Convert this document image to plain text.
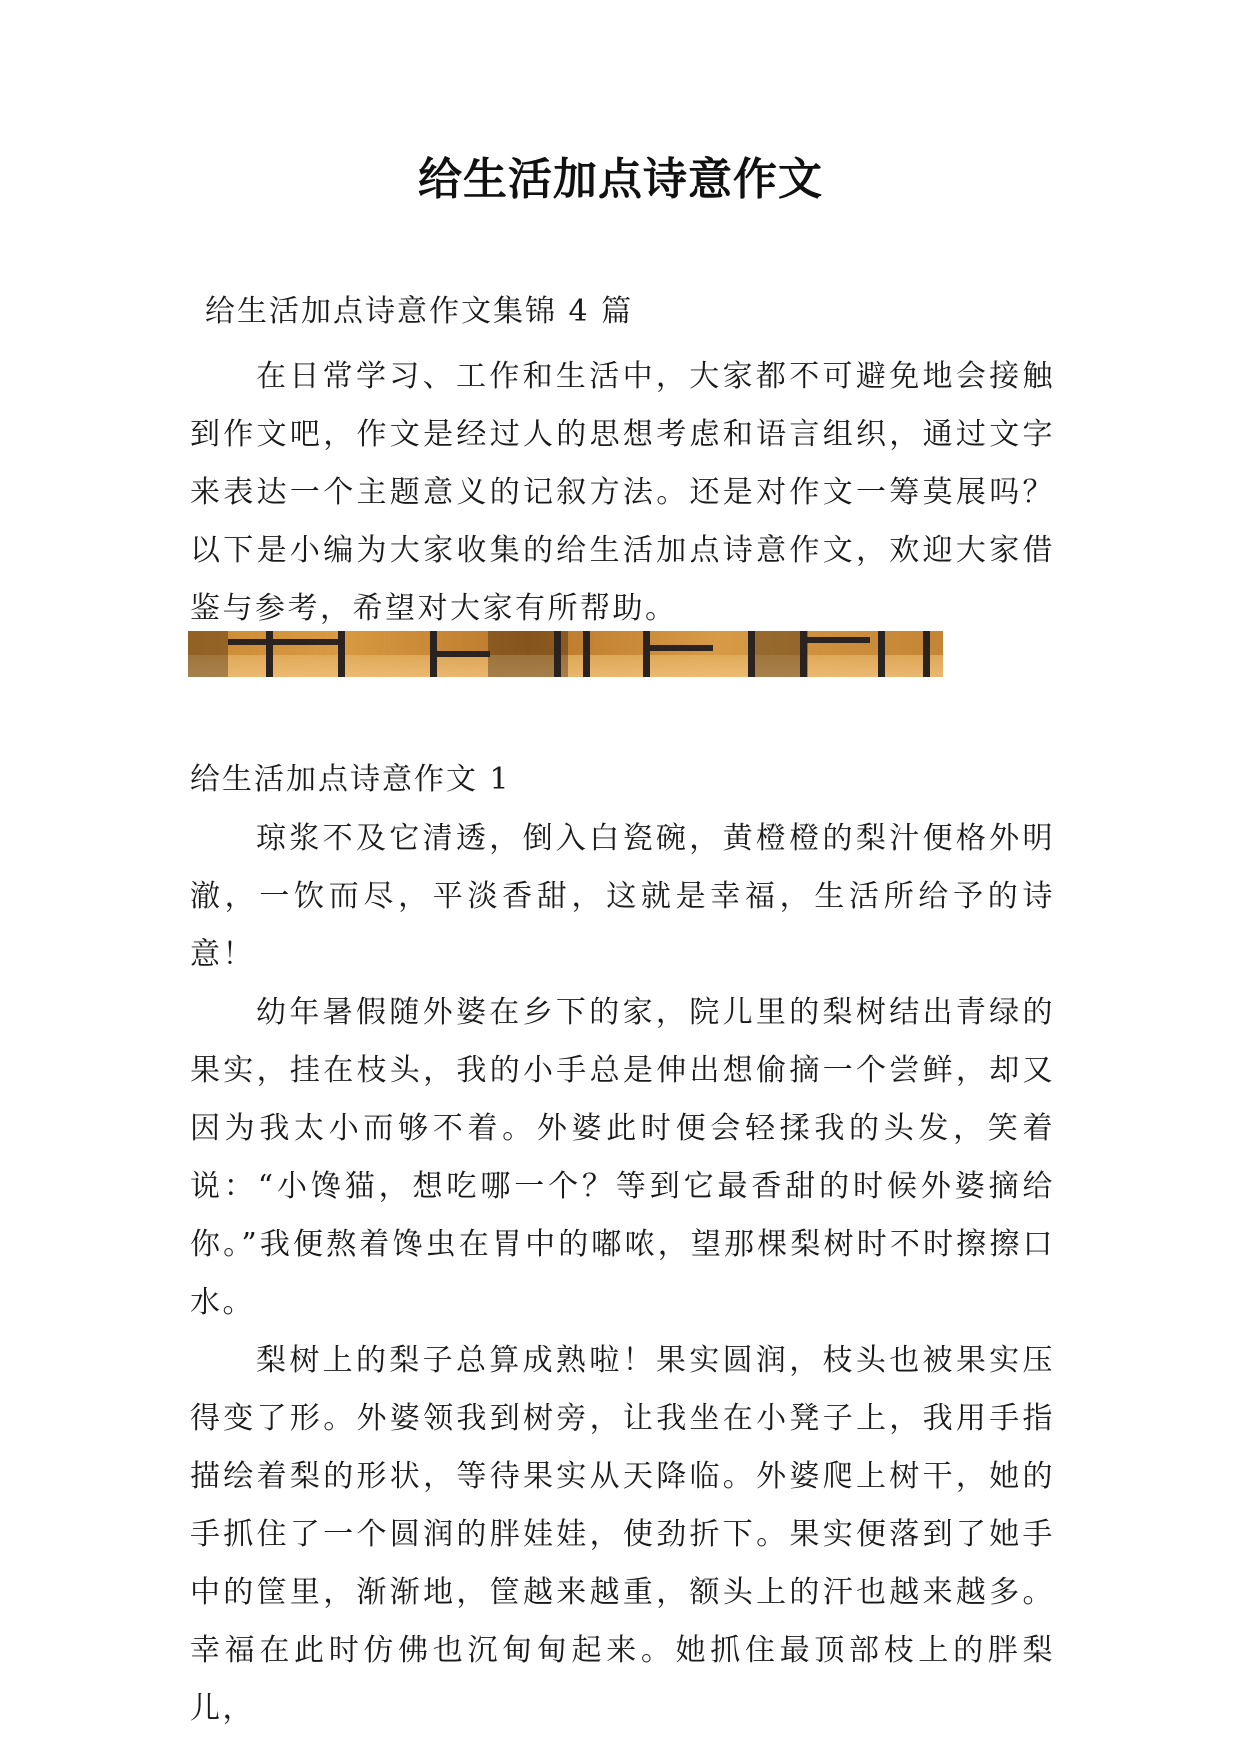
给生活加点诗意作文
给生活加点诗意作文集锦 4 篇

在日常学习、工作和生活中，大家都不可避免地会接触到作文吧，作文是经过人的思想考虑和语言组织，通过文字来表达一个主题意义的记叙方法。还是对作文一筹莫展吗？以下是小编为大家收集的给生活加点诗意作文，欢迎大家借鉴与参考，希望对大家有所帮助。

给生活加点诗意作文 1

琼浆不及它清透，倒入白瓷碗，黄橙橙的梨汁便格外明澈，一饮而尽，平淡香甜，这就是幸福，生活所给予的诗意！

幼年暑假随外婆在乡下的家，院儿里的梨树结出青绿的果实，挂在枝头，我的小手总是伸出想偷摘一个尝鲜，却又因为我太小而够不着。外婆此时便会轻揉我的头发，笑着说：“小馋猫，想吃哪一个？等到它最香甜的时候外婆摘给你。”我便熬着馋虫在胃中的嘟哝，望那棵梨树时不时擦擦口水。

梨树上的梨子总算成熟啦！果实圆润，枝头也被果实压得变了形。外婆领我到树旁，让我坐在小凳子上，我用手指描绘着梨的形状，等待果实从天降临。外婆爬上树干，她的手抓住了一个圆润的胖娃娃，使劲折下。果实便落到了她手中的筐里，渐渐地，筐越来越重，额头上的汗也越来越多。幸福在此时仿佛也沉甸甸起来。她抓住最顶部枝上的胖梨儿，
